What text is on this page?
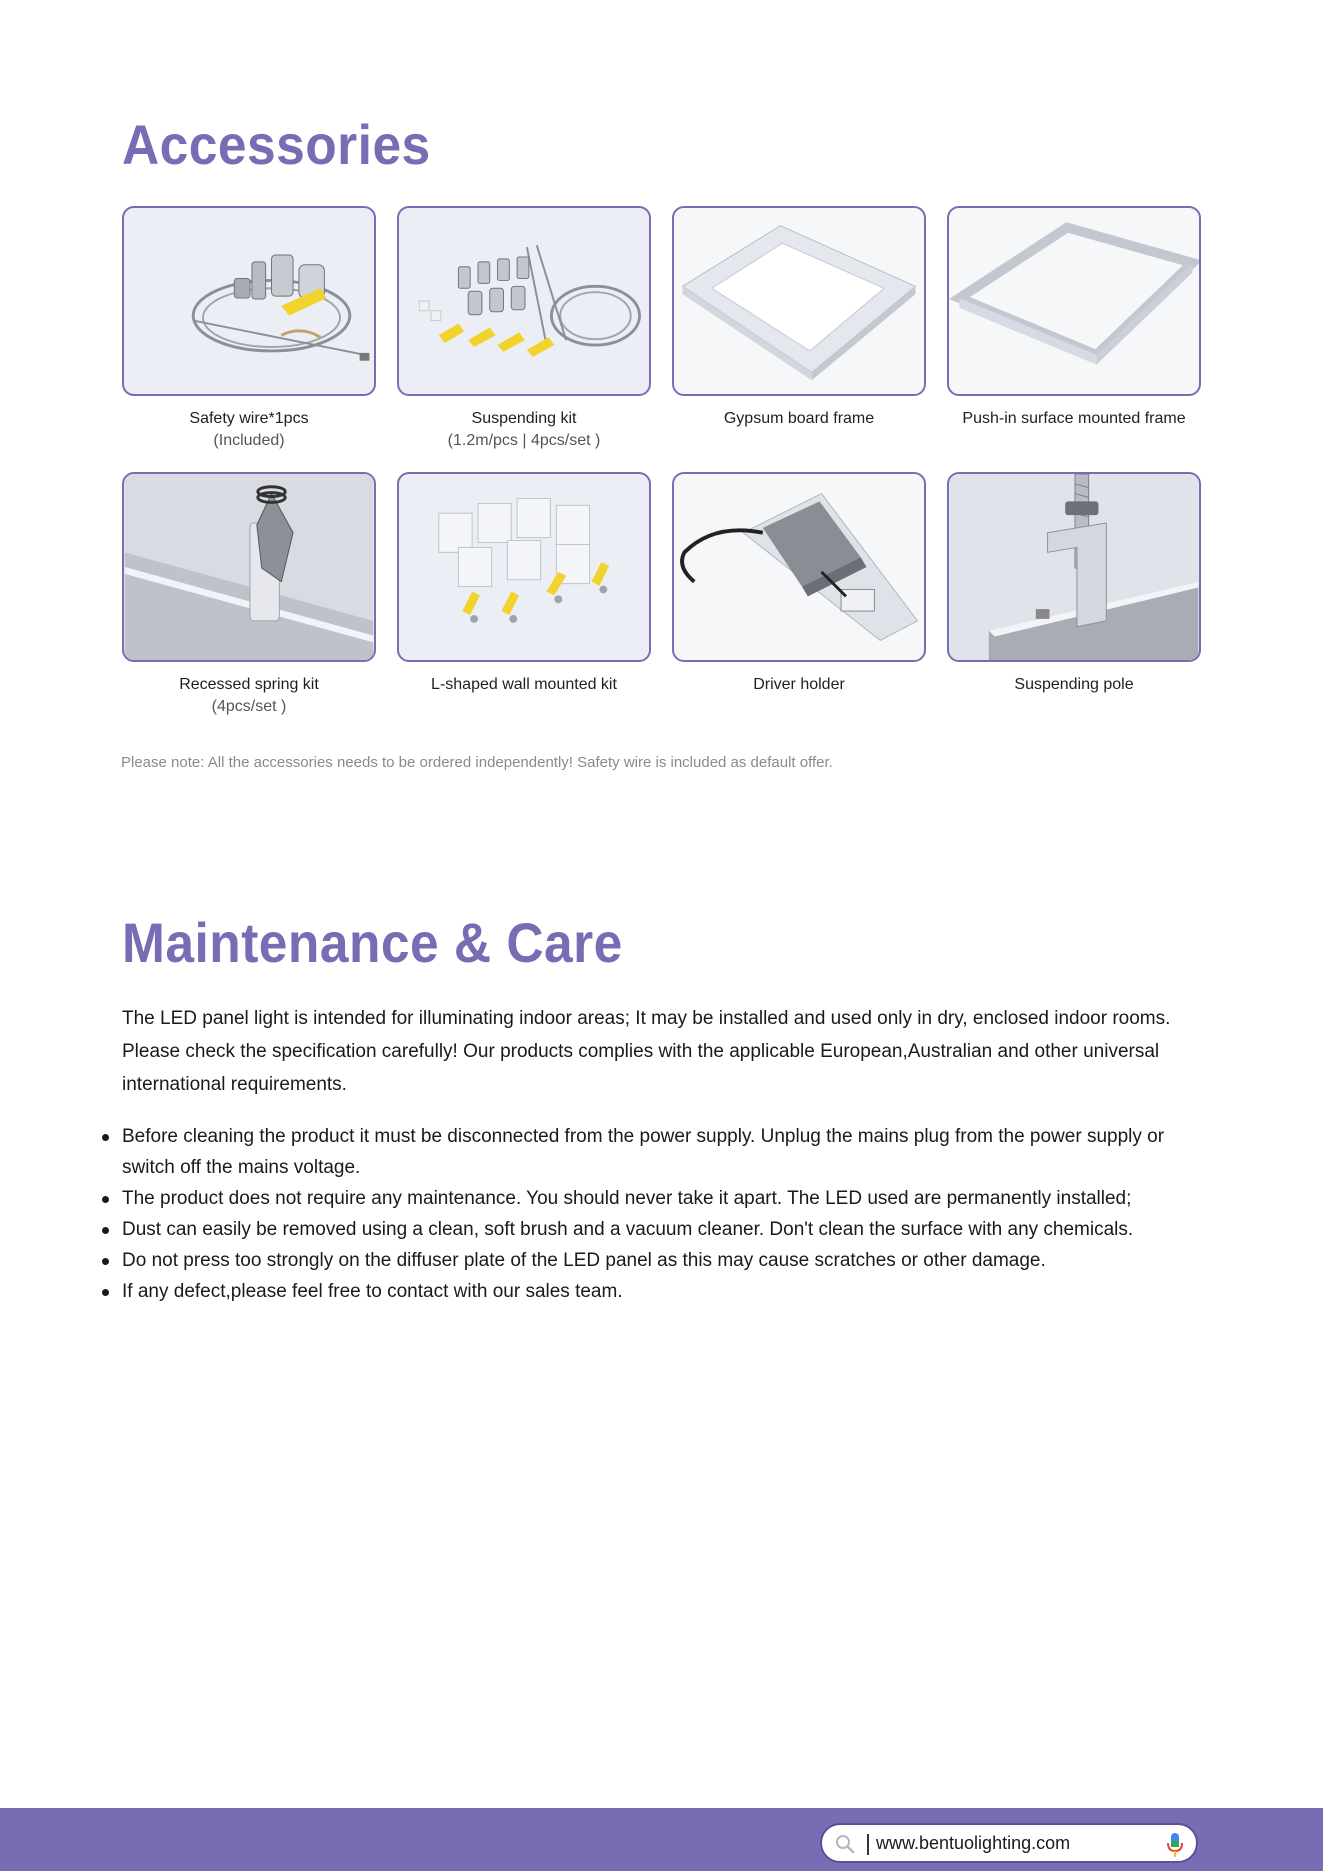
Accessories
Safety wire*1pcs
(Included)
Suspending kit
(1.2m/pcs | 4pcs/set )
Gypsum board frame	Push-in surface mounted frame
Recessed spring kit
(4pcs/set )
L-shaped wall mounted kit	Driver holder	Suspending pole
Please note: All the accessories needs to be ordered independently! Safety wire is included as default offer.
Maintenance & Care

The LED panel light is intended for illuminating indoor areas; It may be installed and used only in dry, enclosed indoor rooms. Please check the specification carefully! Our products complies with the applicable European,Australian and other universal international requirements.

Before cleaning the product it must be disconnected from the power supply. Unplug the mains plug from the power supply or switch off the mains voltage.
The product does not require any maintenance. You should never take it apart. The LED used are permanently installed;
Dust can easily be removed using a clean, soft brush and a vacuum cleaner. Don't clean the surface with any chemicals.
Do not press too strongly on the diffuser plate of the LED panel as this may cause scratches or other damage.
If any defect,please feel free to contact with our sales team.
www.bentuolighting.com
